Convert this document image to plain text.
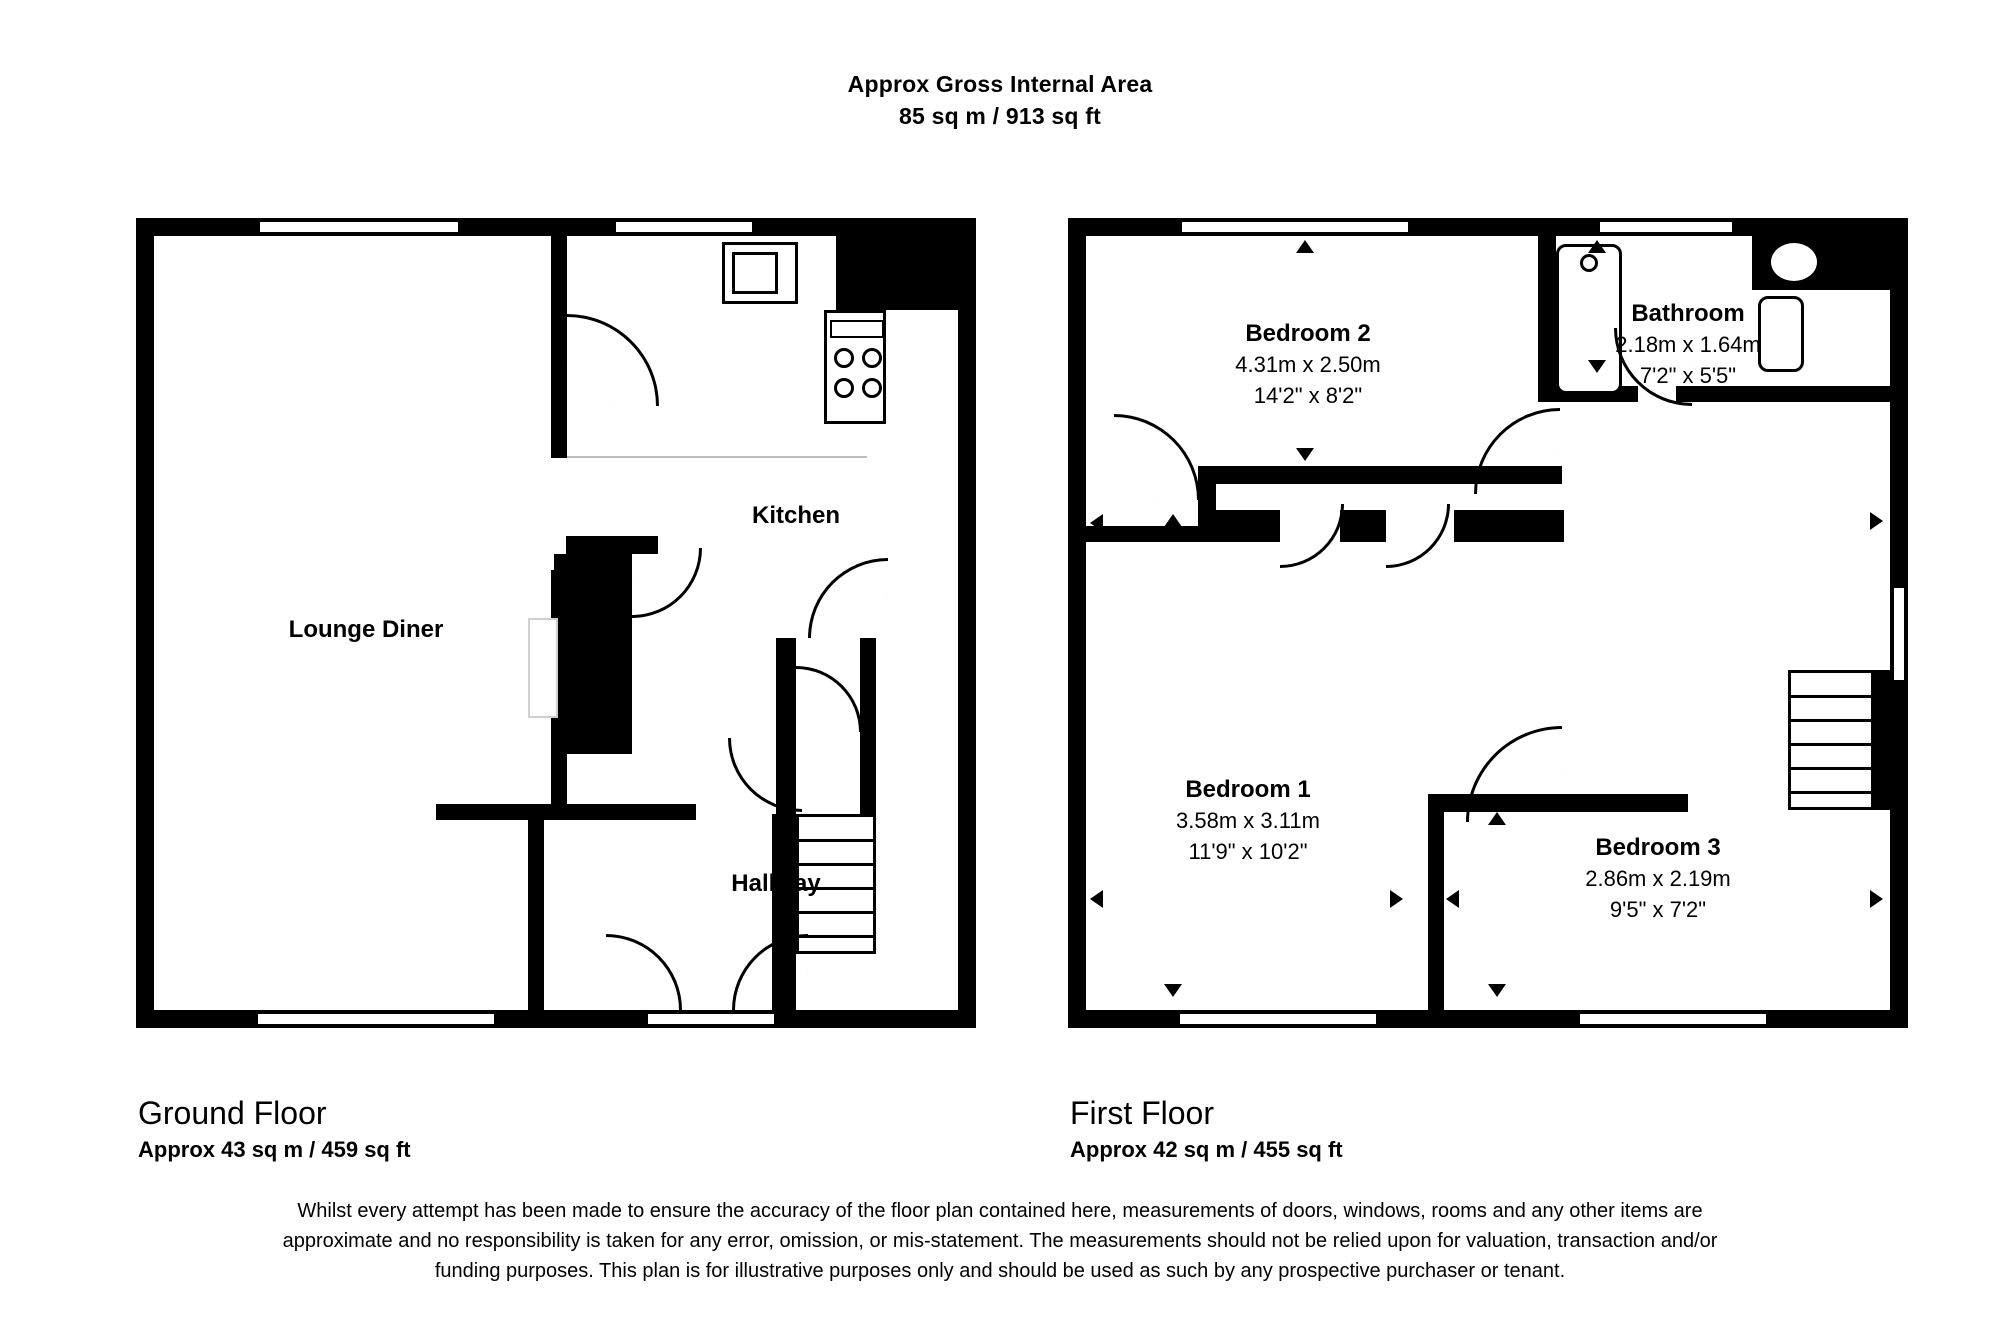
Approx Gross Internal Area
85 sq m / 913 sq ft
Lounge Diner
Kitchen
Hallway
Bedroom 2
4.31m x 2.50m
14'2" x 8'2"
Bedroom 1
3.58m x 3.11m
11'9" x 10'2"	Bedroom 3
2.86m x 2.19m
9'5" x 7'2"
Bathroom
2.18m x 1.64m
7'2" x 5'5"
Ground Floor
Approx 43 sq m / 459 sq ft
First Floor
Approx 42 sq m / 455 sq ft
Whilst every attempt has been made to ensure the accuracy of the floor plan contained here, measurements of doors, windows, rooms and any other items are approximate and no responsibility is taken for any error, omission, or mis-statement. The measurements should not be relied upon for valuation, transaction and/or funding purposes. This plan is for illustrative purposes only and should be used as such by any prospective purchaser or tenant.
